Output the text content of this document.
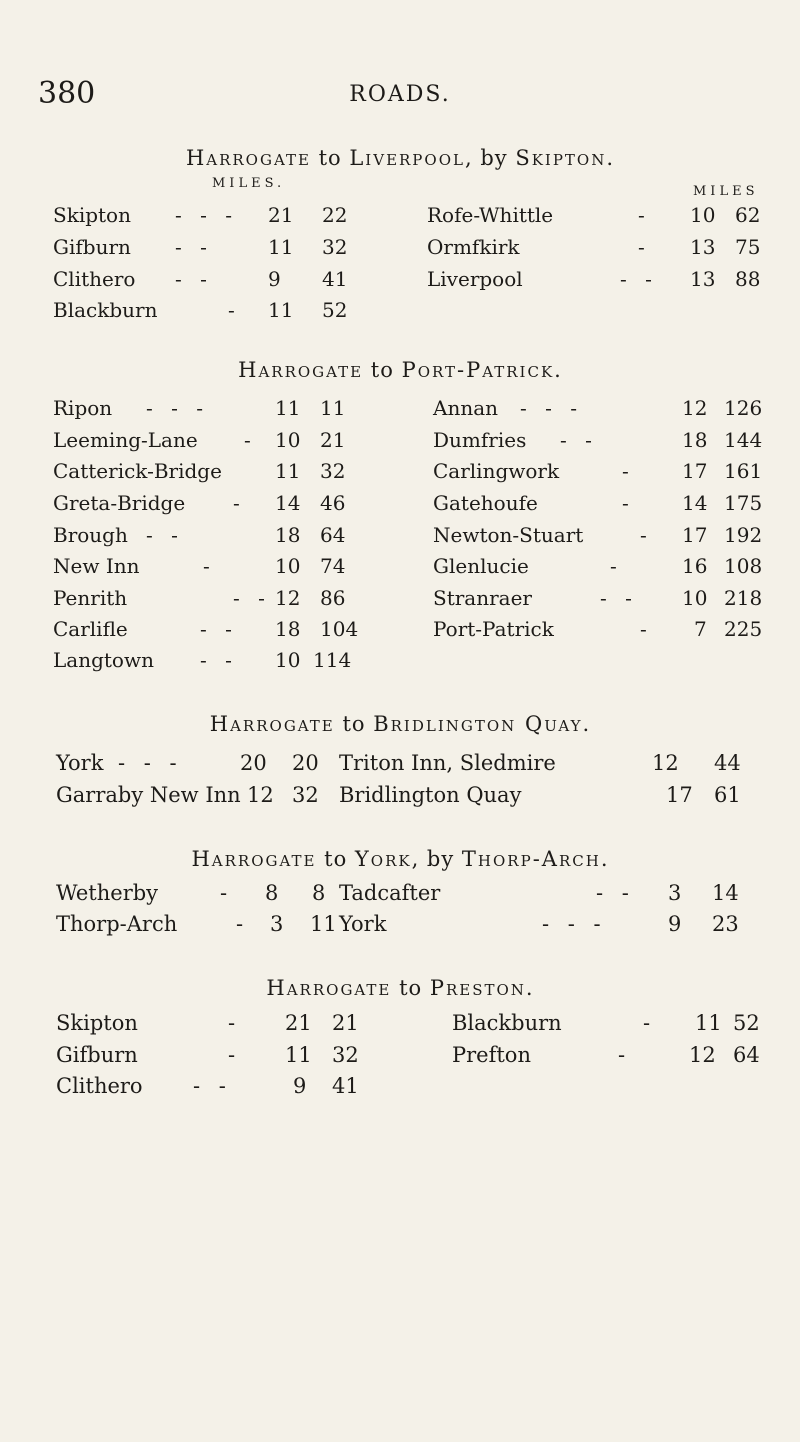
380	ROADS.
Harrogate to Liverpool, by Skipton.
MILES.
MILES
Skipton - - - 21 22	Rofe-Whittle	- 10 62
Gifburn - -	11 32	Ormfkirk	- 13 75
Clithero - -	9 41	Liverpool	- - 13 88
Blackburn	- 11 52
Harrogate to Port-Patrick.
Ripon - - -	11 11	Annan - - -	12 126
Leeming-Lane - 10 21	Dumfries - -	18 144
Catterick-Bridge	11 32	Carlingwork	- 17 161
Greta-Bridge - 14 46	Gatehoufe	- 14 175
Brough - -	18 64	Newton-Stuart	- 17 192
New Inn	-	10 74	Glenlucie	-	16 108
Penrith	- - 12 86	Stranraer	- - 10 218
Carlifle	- - 18 104	Port-Patrick	- 7 225
Langtown - - 10 114
Harrogate to Bridlington Quay.
York - - -	20 20 Triton Inn, Sledmire	12 44
Garraby New Inn 12 32 Bridlington Quay	17 61
Harrogate to York, by Thorp-Arch.
Wetherby	- 8 8 Tadcafter	- - 3 14
Thorp-Arch	- 3 11 York	- - -	9 23
Harrogate to Preston.
Skipton	- 21 21	Blackburn	- 11 52
Gifburn	- 11 32	Prefton	-	12 64
Clithero - -	9 41
